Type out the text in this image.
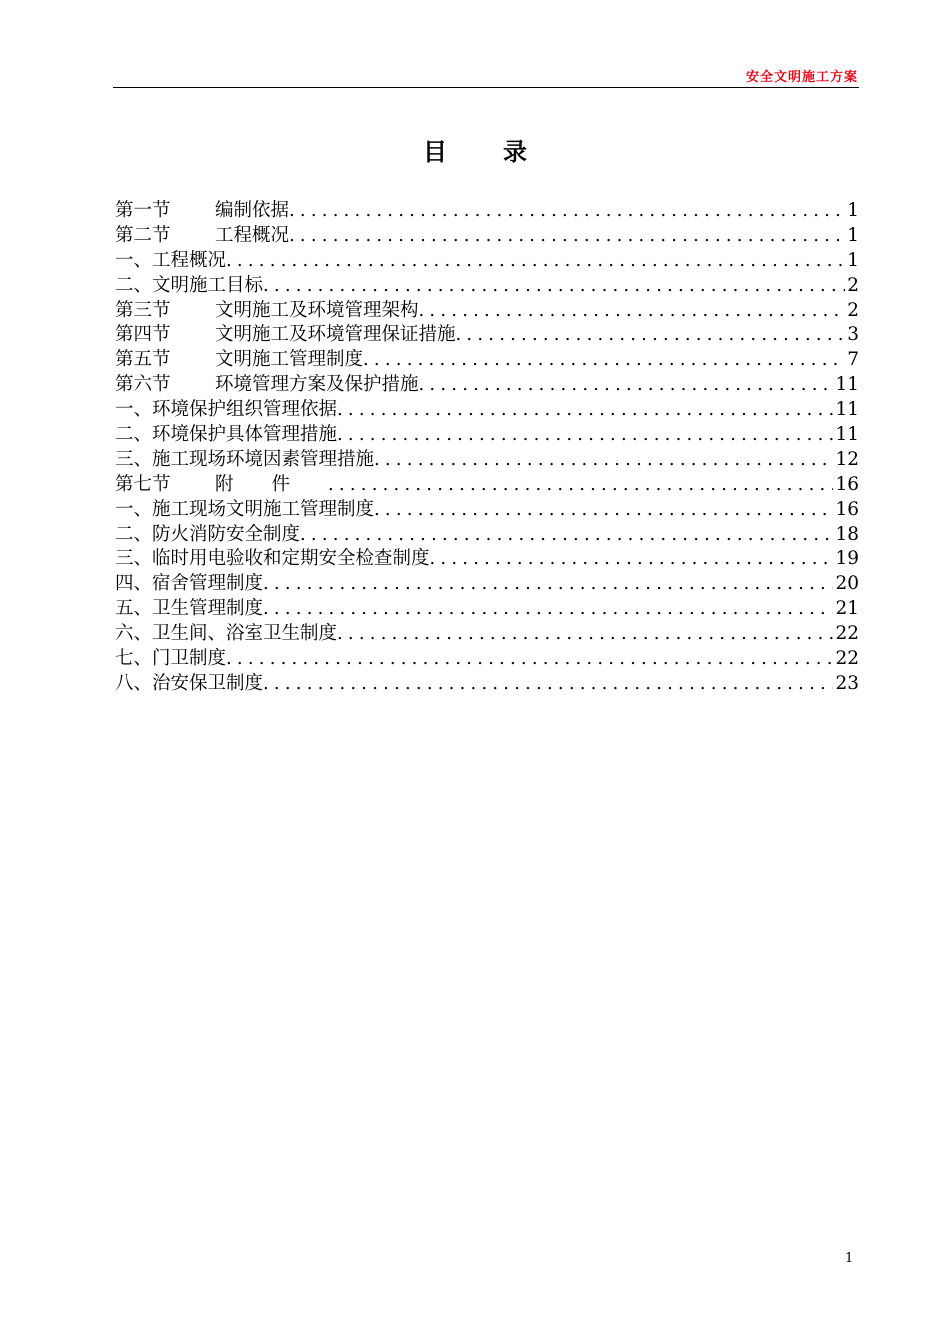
安全文明施工方案
目 录
第一节	编制依据 .....	1
第二节	工程概况 .....	1
一、工程概况 .....	1
二、文明施工目标 .....	2
第三节	文明施工及环境管理架构 .....	2
第四节	文明施工及环境管理保证措施 .....	3
第五节	文明施工管理制度 .....	7
第六节	环境管理方案及保护措施 .....	11
一、环境保护组织管理依据 .....	11
二、环境保护具体管理措施 .....	11
三、施工现场环境因素管理措施 .....	12
第七节	附件 .....	16
一、施工现场文明施工管理制度 .....	16
二、防火消防安全制度 .....	18
三、临时用电验收和定期安全检查制度 .....	19
四、宿舍管理制度 .....	20
五、卫生管理制度 .....	21
六、卫生间、浴室卫生制度 .....	22
七、门卫制度 .....	22
八、治安保卫制度 .....	23
1
